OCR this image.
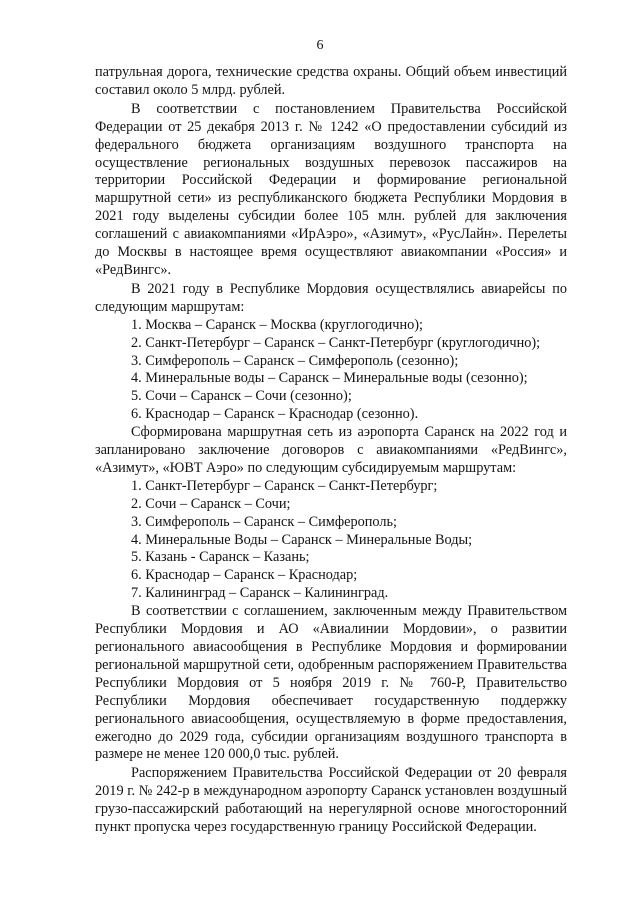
6

патрульная дорога, технические средства охраны. Общий объем инвестиций составил около 5 млрд. рублей.

В соответствии с постановлением Правительства Российской Федерации от 25 декабря 2013 г. № 1242 «О предоставлении субсидий из федерального бюджета организациям воздушного транспорта на осуществление региональных воздушных перевозок пассажиров на территории Российской Федерации и формирование региональной маршрутной сети» из республиканского бюджета Республики Мордовия в 2021 году выделены субсидии более 105 млн. рублей для заключения соглашений с авиакомпаниями «ИрАэро», «Азимут», «РусЛайн». Перелеты до Москвы в настоящее время осуществляют авиакомпании «Россия» и «РедВингс».

В 2021 году в Республике Мордовия осуществлялись авиарейсы по следующим маршрутам:

1. Москва – Саранск – Москва (круглогодично);
2. Санкт-Петербург – Саранск – Санкт-Петербург (круглогодично);
3. Симферополь – Саранск – Симферополь (сезонно);
4. Минеральные воды – Саранск – Минеральные воды (сезонно);
5. Сочи – Саранск – Сочи (сезонно);
6. Краснодар – Саранск – Краснодар (сезонно).

Сформирована маршрутная сеть из аэропорта Саранск на 2022 год и запланировано заключение договоров с авиакомпаниями «РедВингс», «Азимут», «ЮВТ Аэро» по следующим субсидируемым маршрутам:

1. Санкт-Петербург – Саранск – Санкт-Петербург;
2. Сочи – Саранск – Сочи;
3. Симферополь – Саранск – Симферополь;
4. Минеральные Воды – Саранск – Минеральные Воды;
5. Казань - Саранск – Казань;
6. Краснодар – Саранск – Краснодар;
7. Калининград – Саранск – Калининград.

В соответствии с соглашением, заключенным между Правительством Республики Мордовия и АО «Авиалинии Мордовии», о развитии регионального авиасообщения в Республике Мордовия и формировании региональной маршрутной сети, одобренным распоряжением Правительства Республики Мордовия от 5 ноября 2019 г. № 760-Р, Правительство Республики Мордовия обеспечивает государственную поддержку регионального авиасообщения, осуществляемую в форме предоставления, ежегодно до 2029 года, субсидии организациям воздушного транспорта в размере не менее 120 000,0 тыс. рублей.

Распоряжением Правительства Российской Федерации от 20 февраля 2019 г. № 242-р в международном аэропорту Саранск установлен воздушный грузо-пассажирский работающий на нерегулярной основе многосторонний пункт пропуска через государственную границу Российской Федерации.
